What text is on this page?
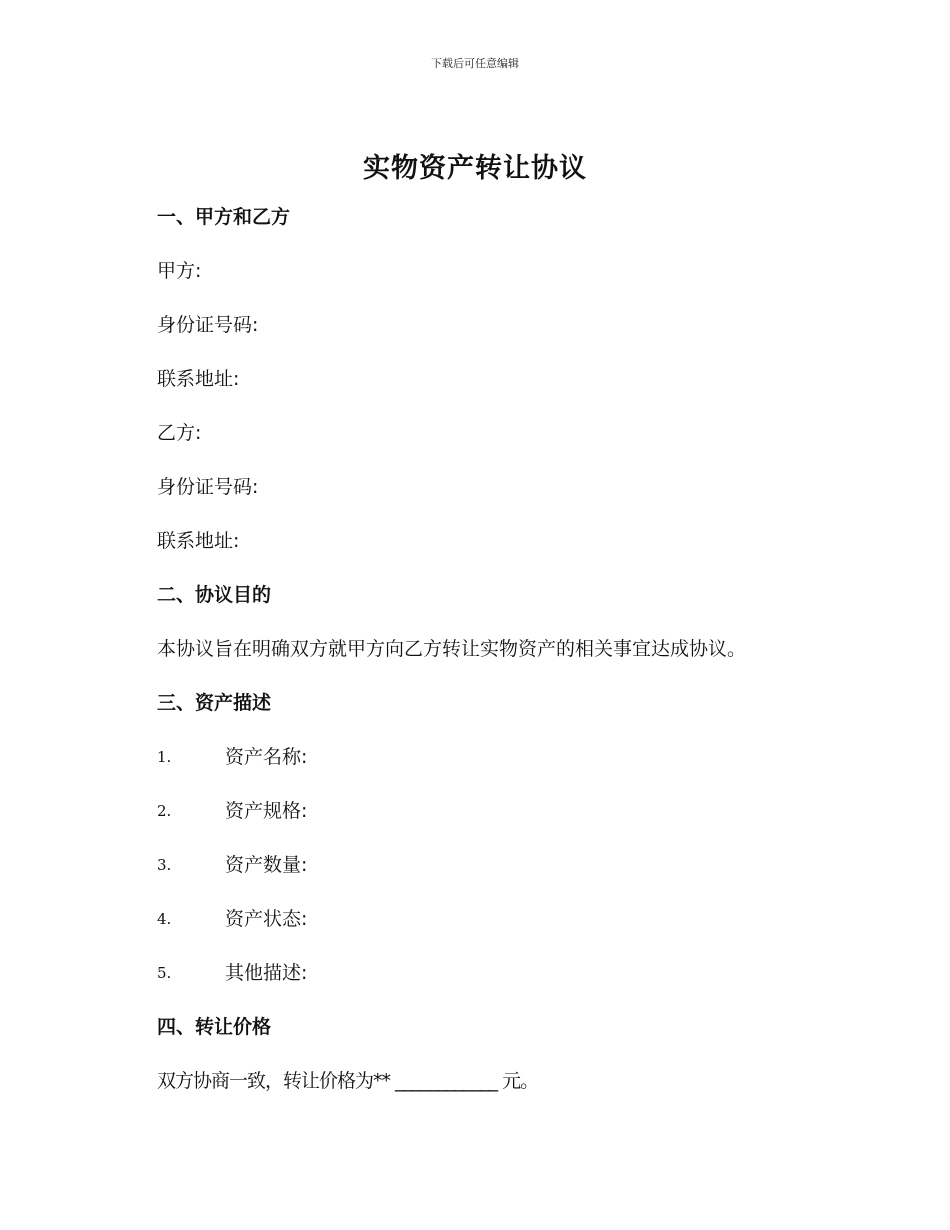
下载后可任意编辑
实物资产转让协议
一、甲方和乙方
甲方:
身份证号码:
联系地址:
乙方:
身份证号码:
联系地址:
二、协议目的
本协议旨在明确双方就甲方向乙方转让实物资产的相关事宜达成协议。
三、资产描述
1.	资产名称:
2.	资产规格:
3.	资产数量:
4.	资产状态:
5.	其他描述:
四、转让价格
双方协商一致，转让价格为** ____________ 元。
